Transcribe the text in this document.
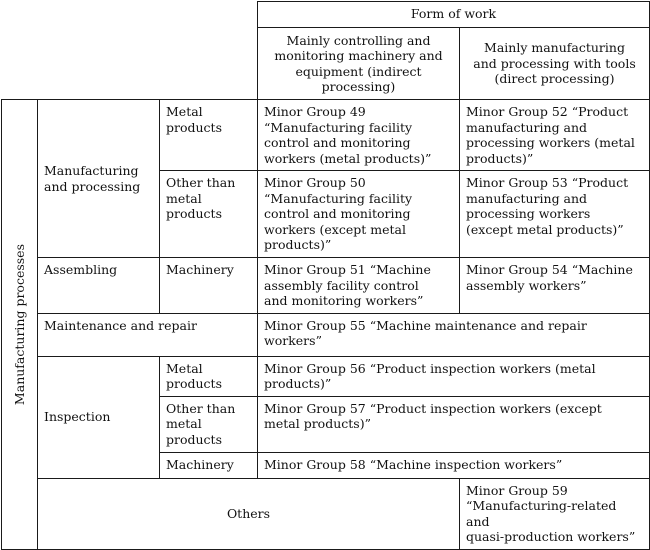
			Form of work	

			Mainly controlling and
monitoring machinery and
equipment (indirect
processing)	Mainly manufacturing
and processing with tools
(direct processing)

Manufacturing processes	Manufacturing
and processing	Metal
products	Minor Group 49
“Manufacturing facility
control and monitoring
workers (metal products)”	Minor Group 52 “Product
manufacturing and
processing workers (metal
products)”

		Other than
metal
products	Minor Group 50
“Manufacturing facility
control and monitoring
workers (except metal
products)”	Minor Group 53 “Product
manufacturing and
processing workers
(except metal products)”

	Assembling	Machinery	Minor Group 51 “Machine
assembly facility control
and monitoring workers”	Minor Group 54 “Machine
assembly workers”

	Maintenance and repair		Minor Group 55 “Machine maintenance and repair
workers”	

	Inspection	Metal
products	Minor Group 56 “Product inspection workers (metal
products)”	

		Other than
metal
products	Minor Group 57 “Product inspection workers (except
metal products)”	

		Machinery	Minor Group 58 “Machine inspection workers”	

	Others			Minor Group 59 “Manufacturing-related and
quasi-production workers”
